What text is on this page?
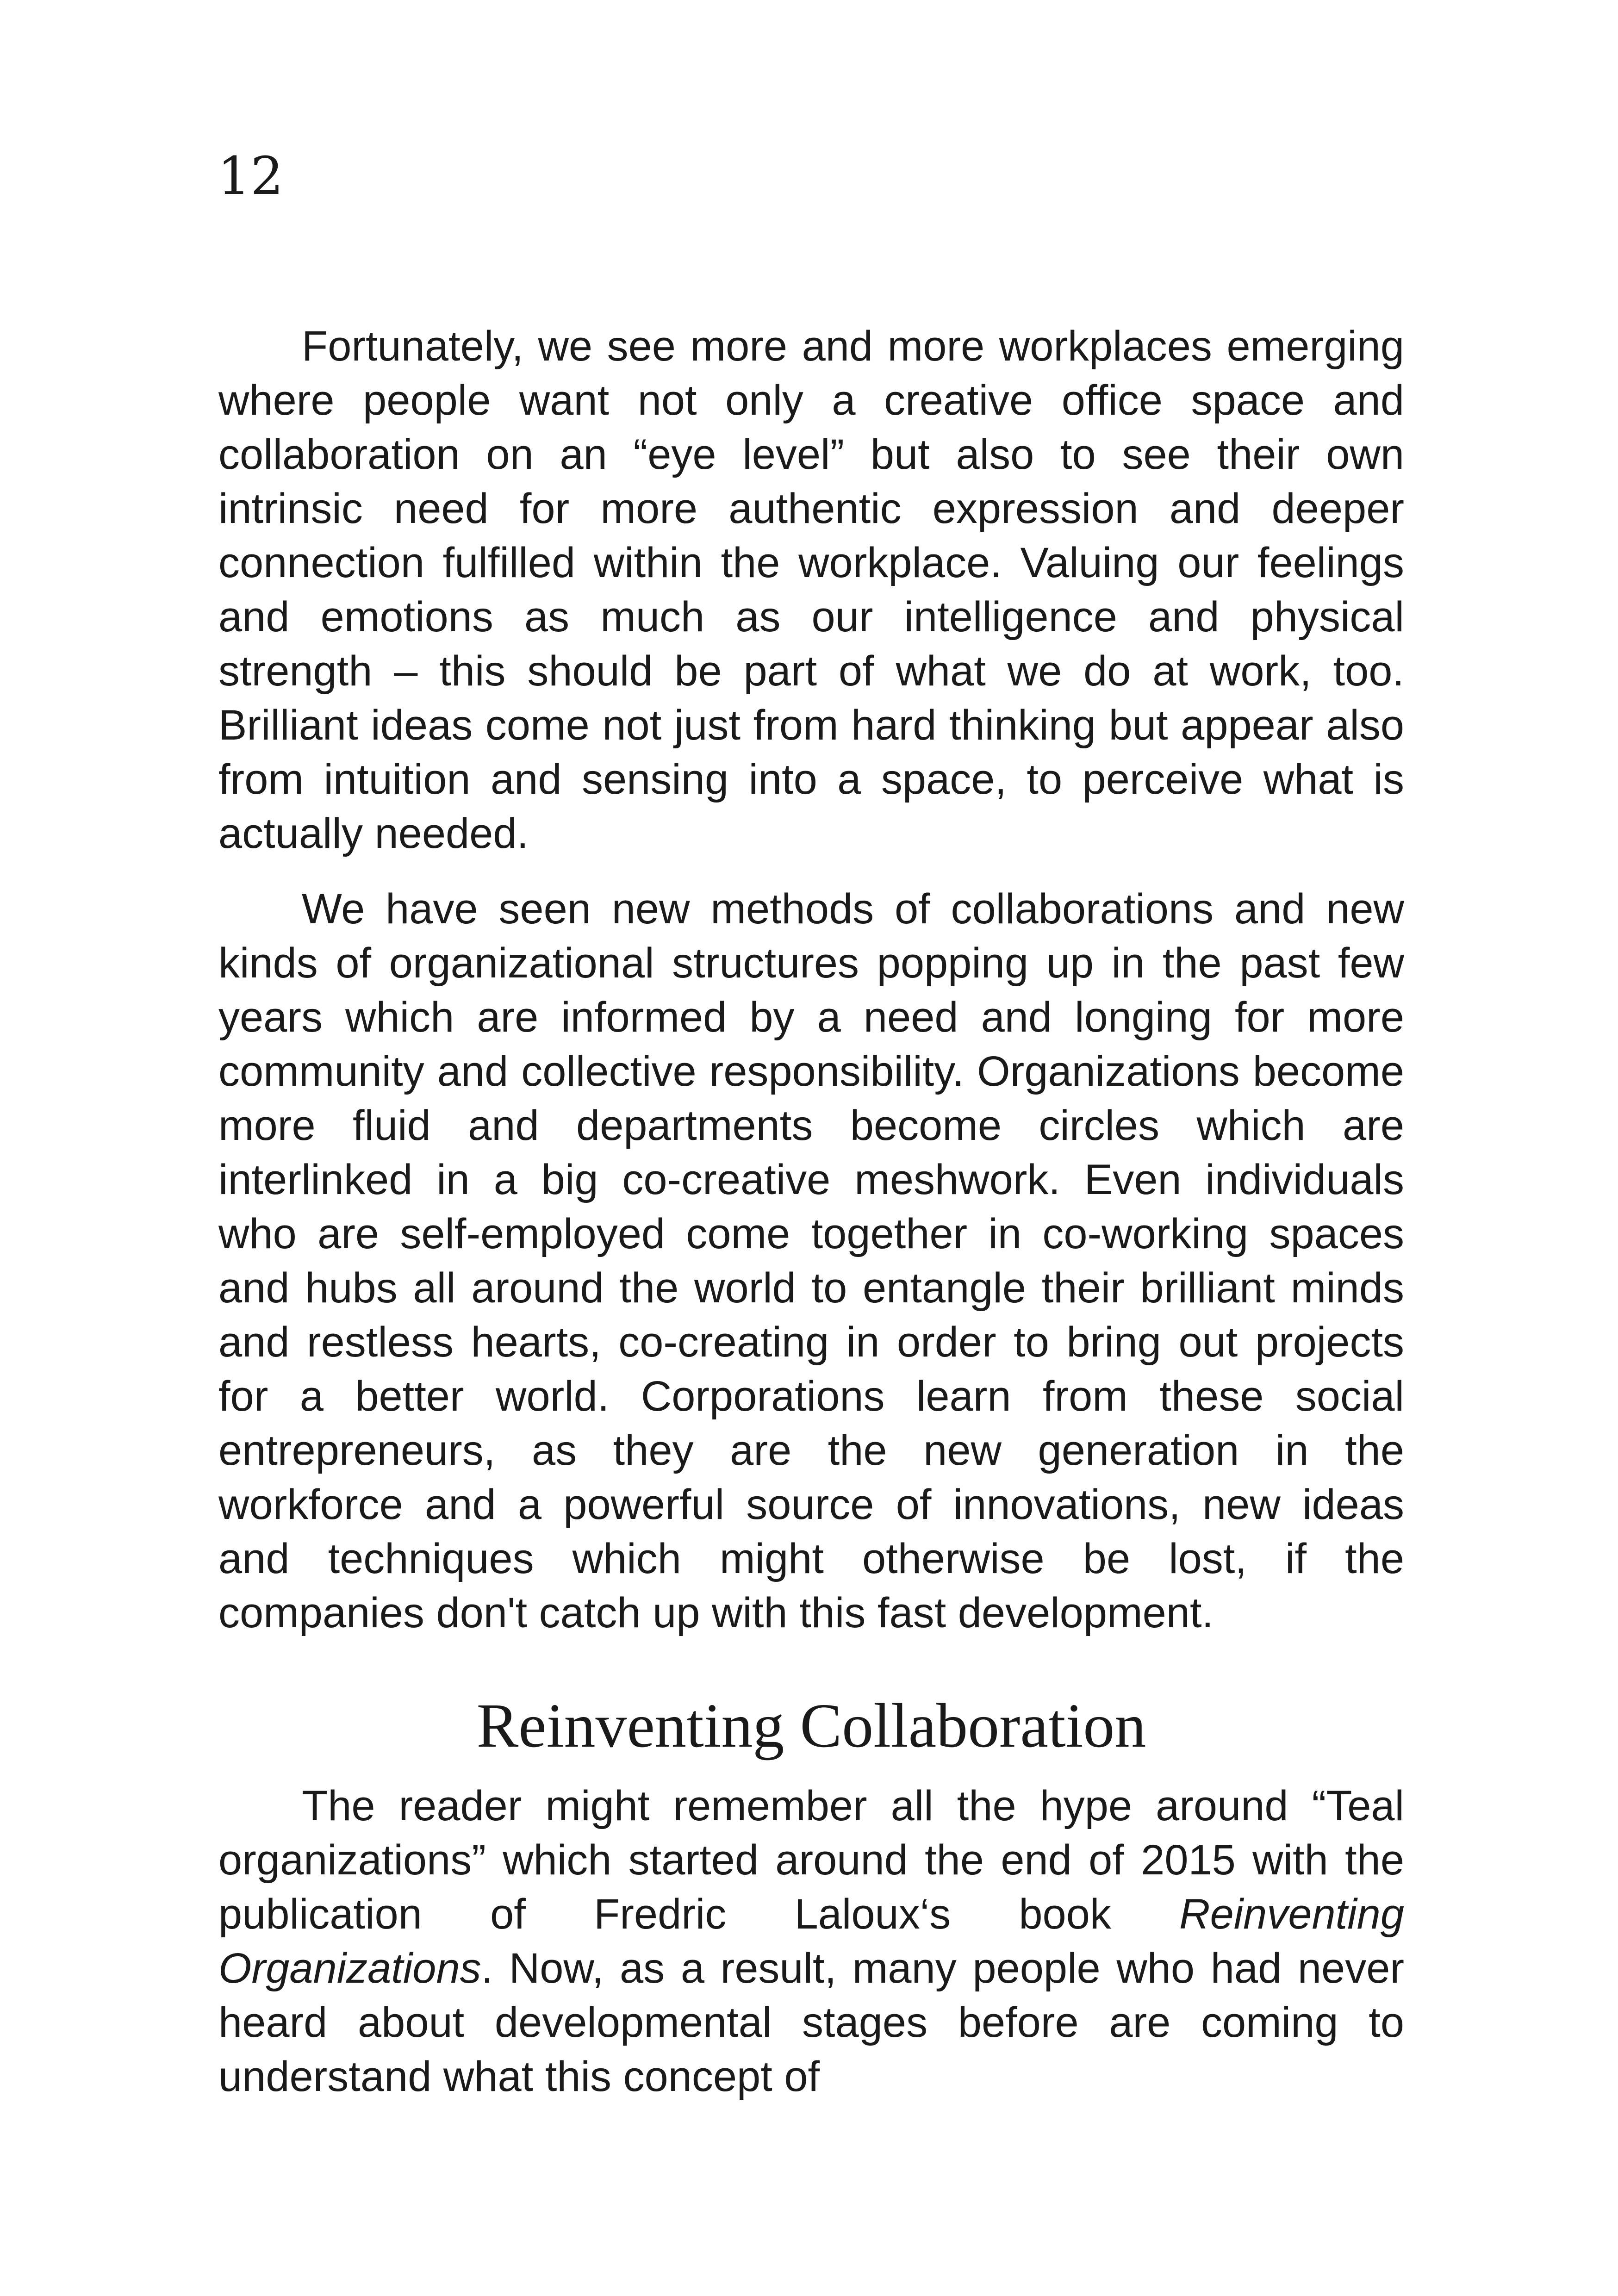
12

Fortunately, we see more and more workplaces emerging where people want not only a creative office space and collaboration on an “eye level” but also to see their own intrinsic need for more authentic expression and deeper connection fulfilled within the workplace. Valuing our feelings and emotions as much as our intelligence and physical strength – this should be part of what we do at work, too. Brilliant ideas come not just from hard thinking but appear also from intuition and sensing into a space, to perceive what is actually needed.

We have seen new methods of collaborations and new kinds of organizational structures popping up in the past few years which are informed by a need and longing for more community and collective responsibility. Organizations become more fluid and departments become circles which are interlinked in a big co-creative meshwork. Even individuals who are self-employed come together in co-working spaces and hubs all around the world to entangle their brilliant minds and restless hearts, co-creating in order to bring out projects for a better world. Corporations learn from these social entrepreneurs, as they are the new generation in the workforce and a powerful source of innovations, new ideas and techniques which might otherwise be lost, if the companies don't catch up with this fast development.

Reinventing Collaboration

The reader might remember all the hype around “Teal organizations” which started around the end of 2015 with the publication of Fredric Laloux‘s book Reinventing Organizations. Now, as a result, many people who had never heard about developmental stages before are coming to understand what this concept of
